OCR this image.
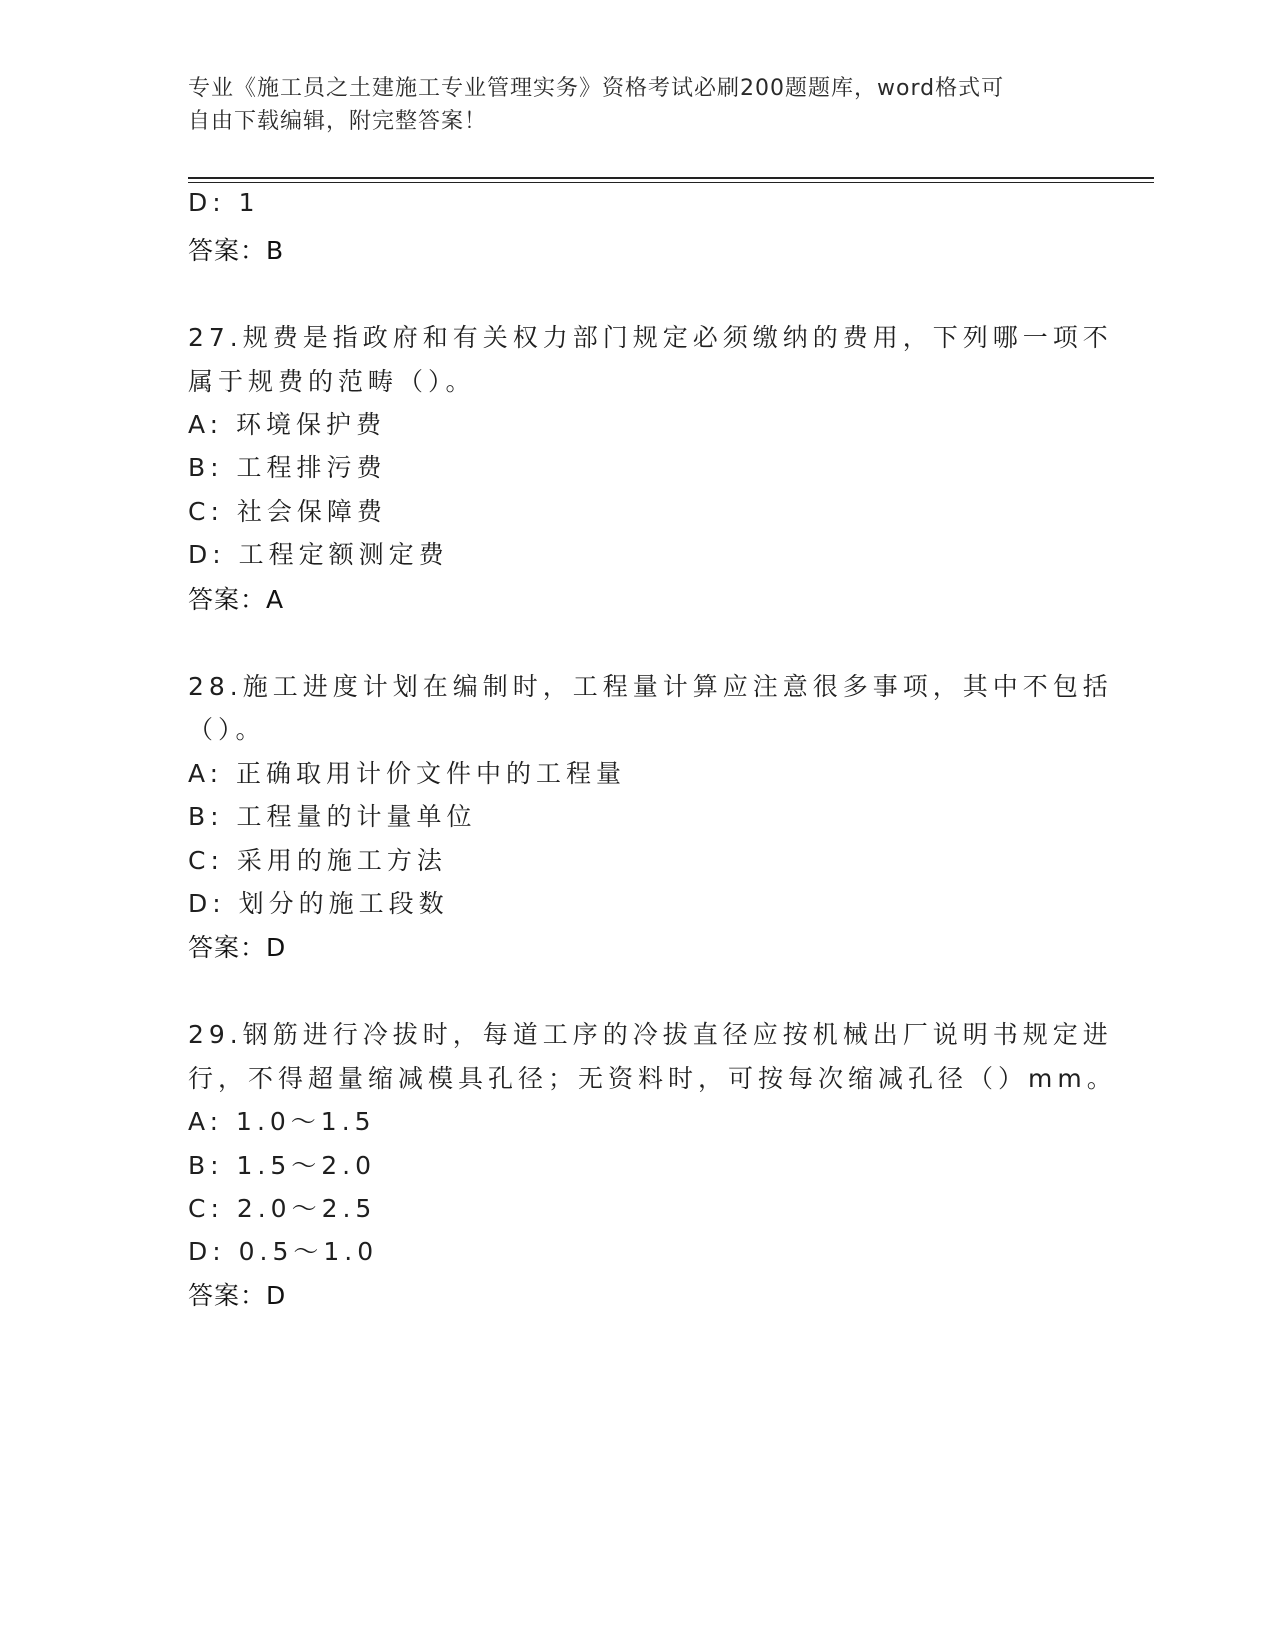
专业《施工员之土建施工专业管理实务》资格考试必刷200题题库，word格式可
自由下载编辑，附完整答案！
D: 1
答案：B
27.规费是指政府和有关权力部门规定必须缴纳的费用，下列哪一项不
属于规费的范畴（）。
A: 环境保护费
B: 工程排污费
C: 社会保障费
D: 工程定额测定费
答案：A
28.施工进度计划在编制时，工程量计算应注意很多事项，其中不包括
（）。
A: 正确取用计价文件中的工程量
B: 工程量的计量单位
C: 采用的施工方法
D: 划分的施工段数
答案：D
29.钢筋进行冷拔时，每道工序的冷拔直径应按机械出厂说明书规定进
行，不得超量缩减模具孔径；无资料时，可按每次缩减孔径（）mm。
A: 1.0～1.5
B: 1.5～2.0
C: 2.0～2.5
D: 0.5～1.0
答案：D
